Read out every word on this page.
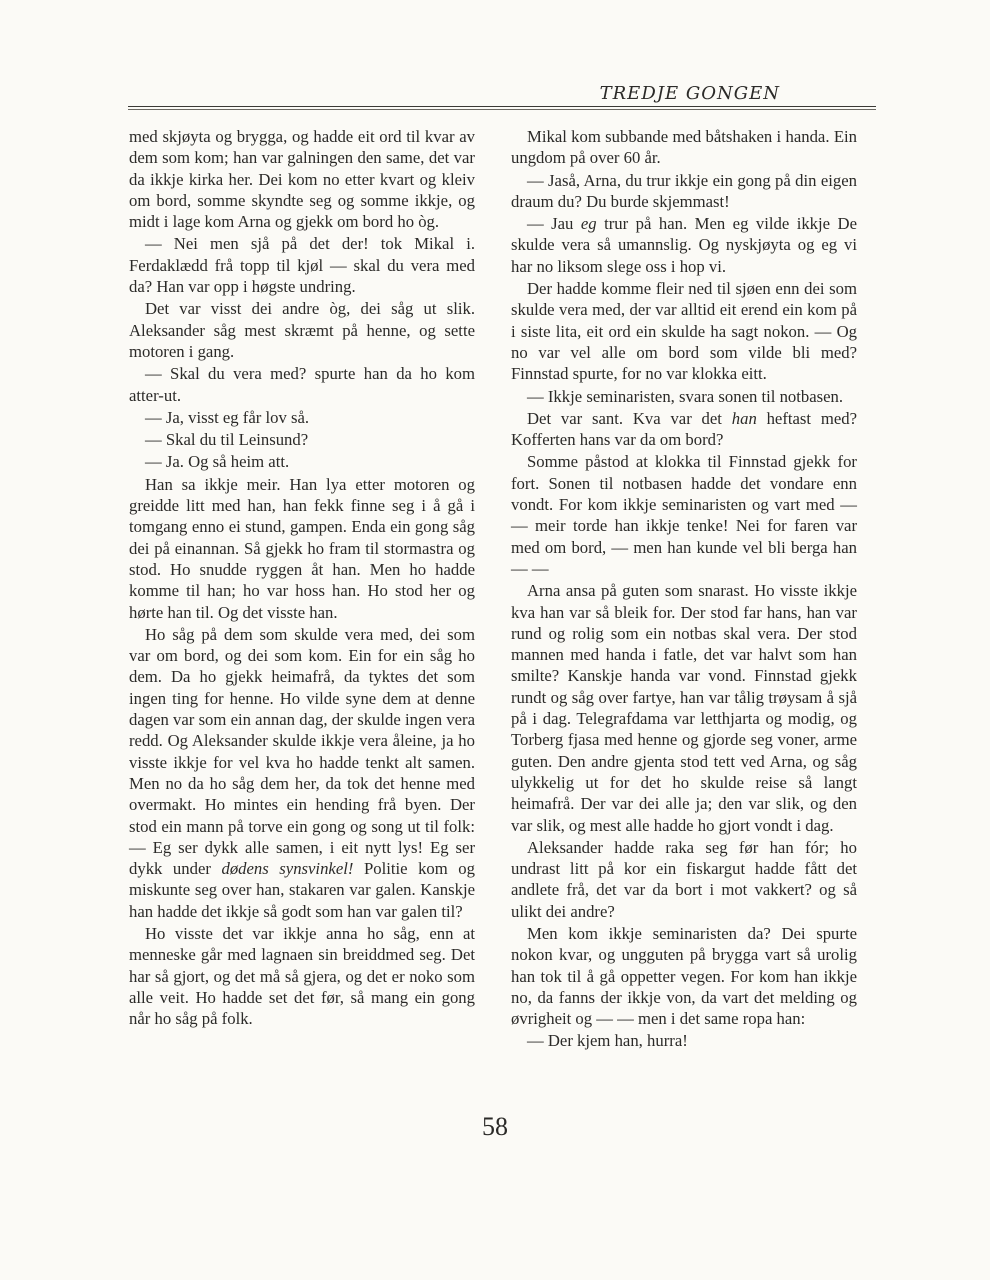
TREDJE GONGEN

med skjøyta og brygga, og hadde eit ord til kvar av dem som kom; han var galningen den same, det var da ikkje kirka her. Dei kom no etter kvart og kleiv om bord, somme skyndte seg og somme ikkje, og midt i lage kom Arna og gjekk om bord ho òg.

— Nei men sjå på det der! tok Mikal i. Ferdaklædd frå topp til kjøl — skal du vera med da? Han var opp i høgste undring.

Det var visst dei andre òg, dei såg ut slik. Aleksander såg mest skræmt på henne, og sette motoren i gang.

— Skal du vera med? spurte han da ho kom atter-ut.

— Ja, visst eg får lov så.

— Skal du til Leinsund?

— Ja. Og så heim att.

Han sa ikkje meir. Han lya etter motoren og greidde litt med han, han fekk finne seg i å gå i tomgang enno ei stund, gampen. Enda ein gong såg dei på einannan. Så gjekk ho fram til stormastra og stod. Ho snudde ryggen åt han. Men ho hadde komme til han; ho var hoss han. Ho stod her og hørte han til. Og det visste han.

Ho såg på dem som skulde vera med, dei som var om bord, og dei som kom. Ein for ein såg ho dem. Da ho gjekk heimafrå, da tyktes det som ingen ting for henne. Ho vilde syne dem at denne dagen var som ein annan dag, der skulde ingen vera redd. Og Aleksander skulde ikkje vera åleine, ja ho visste ikkje for vel kva ho hadde tenkt alt samen. Men no da ho såg dem her, da tok det henne med overmakt. Ho mintes ein hending frå byen. Der stod ein mann på torve ein gong og song ut til folk: — Eg ser dykk alle samen, i eit nytt lys! Eg ser dykk under dødens synsvinkel! Politie kom og miskunte seg over han, stakaren var galen. Kanskje han hadde det ikkje så godt som han var galen til?

Ho visste det var ikkje anna ho såg, enn at menneske går med lagnaen sin breiddmed seg. Det har så gjort, og det må så gjera, og det er noko som alle veit. Ho hadde set det før, så mang ein gong når ho såg på folk.

Mikal kom subbande med båtshaken i handa. Ein ungdom på over 60 år.

— Jaså, Arna, du trur ikkje ein gong på din eigen draum du? Du burde skjemmast!

— Jau eg trur på han. Men eg vilde ikkje De skulde vera så umannslig. Og nyskjøyta og eg vi har no liksom slege oss i hop vi.

Der hadde komme fleir ned til sjøen enn dei som skulde vera med, der var alltid eit erend ein kom på i siste lita, eit ord ein skulde ha sagt nokon. — Og no var vel alle om bord som vilde bli med? Finnstad spurte, for no var klokka eitt.

— Ikkje seminaristen, svara sonen til notbasen.

Det var sant. Kva var det han heftast med? Kofferten hans var da om bord?

Somme påstod at klokka til Finnstad gjekk for fort. Sonen til notbasen hadde det vondare enn vondt. For kom ikkje seminaristen og vart med — — meir torde han ikkje tenke! Nei for faren var med om bord, — men han kunde vel bli berga han — —

Arna ansa på guten som snarast. Ho visste ikkje kva han var så bleik for. Der stod far hans, han var rund og rolig som ein notbas skal vera. Der stod mannen med handa i fatle, det var halvt som han smilte? Kanskje handa var vond. Finnstad gjekk rundt og såg over fartye, han var tålig trøysam å sjå på i dag. Telegrafdama var letthjarta og modig, og Torberg fjasa med henne og gjorde seg voner, arme guten. Den andre gjenta stod tett ved Arna, og såg ulykkelig ut for det ho skulde reise så langt heimafrå. Der var dei alle ja; den var slik, og den var slik, og mest alle hadde ho gjort vondt i dag.

Aleksander hadde raka seg før han fór; ho undrast litt på kor ein fiskargut hadde fått det andlete frå, det var da bort i mot vakkert? og så ulikt dei andre?

Men kom ikkje seminaristen da? Dei spurte nokon kvar, og ungguten på brygga vart så urolig han tok til å gå oppetter vegen. For kom han ikkje no, da fanns der ikkje von, da vart det melding og øvrigheit og — — men i det same ropa han:

— Der kjem han, hurra!

58
